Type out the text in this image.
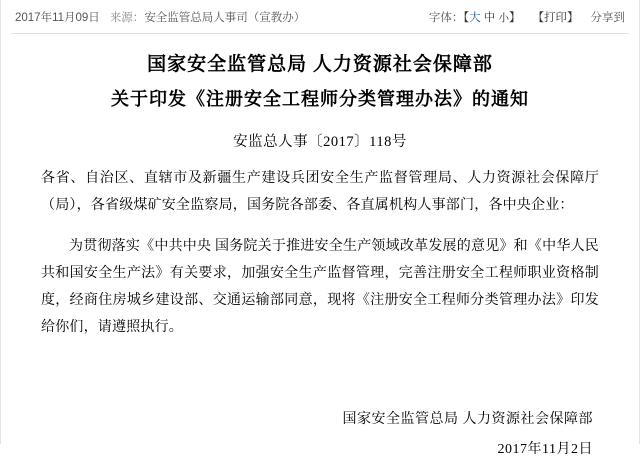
2017年11月09日 来源：安全监管总局人事司（宣教办）	字体：【大 中 小】 【打印】 分享到
国家安全监管总局 人力资源社会保障部
关于印发《注册安全工程师分类管理办法》的通知
安监总人事〔2017〕118号
各省、自治区、直辖市及新疆生产建设兵团安全生产监督管理局、人力资源社会保障厅（局），各省级煤矿安全监察局，国务院各部委、各直属机构人事部门，各中央企业：
为贯彻落实《中共中央 国务院关于推进安全生产领域改革发展的意见》和《中华人民共和国安全生产法》有关要求，加强安全生产监督管理，完善注册安全工程师职业资格制度，经商住房城乡建设部、交通运输部同意，现将《注册安全工程师分类管理办法》印发给你们，请遵照执行。
国家安全监管总局 人力资源社会保障部
2017年11月2日
